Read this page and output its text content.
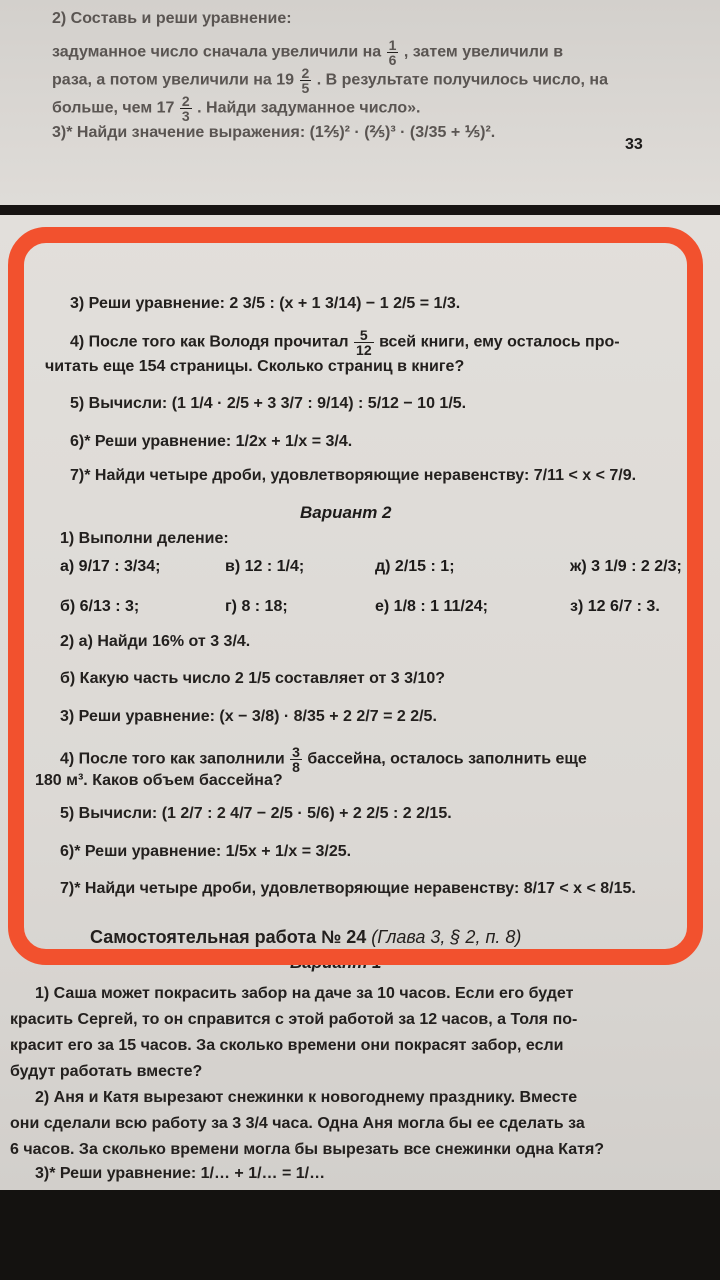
2) Составь и реши уравнение:
задуманное число сначала увеличили на $\frac{1}{6}$ , затем увеличили в
раза, а потом увеличили на $19 \frac{2}{5}$ . В результате получилось число, на
больше, чем $17 \frac{2}{3}$ . Найди задуманное число».
3)* Найди значение выражения: (1⅖)² · (⅖)³ · (3/35 + ⅕)².
33
3) Реши уравнение: 2 3/5 : (x + 1 3/14) − 1 2/5 = 1/3.
4) После того как Володя прочитал $\frac{5}{12}$ всей книги, ему осталось про-
читать еще 154 страницы. Сколько страниц в книге?
5) Вычисли: (1 1/4 · 2/5 + 3 3/7 : 9/14) : 5/12 − 10 1/5.
6)* Реши уравнение: 1/2x + 1/x = 3/4.
7)* Найди четыре дроби, удовлетворяющие неравенству: 7/11 < x < 7/9.
Вариант 2
1) Выполни деление:
а) 9/17 : 3/34;	в) 12 : 1/4;	д) 2/15 : 1;	ж) 3 1/9 : 2 2/3;
б) 6/13 : 3;	г) 8 : 18;	е) 1/8 : 1 11/24;	з) 12 6/7 : 3.
2) а) Найди 16% от 3 3/4.
б) Какую часть число 2 1/5 составляет от 3 3/10?
3) Реши уравнение: (x − 3/8) · 8/35 + 2 2/7 = 2 2/5.
4) После того как заполнили $\frac{3}{8}$ бассейна, осталось заполнить еще
180 м³. Каков объем бассейна?
5) Вычисли: (1 2/7 : 2 4/7 − 2/5 · 5/6) + 2 2/5 : 2 2/15.
6)* Реши уравнение: 1/5x + 1/x = 3/25.
7)* Найди четыре дроби, удовлетворяющие неравенству: 8/17 < x < 8/15.
Самостоятельная работа № 24 (Глава 3, § 2, п. 8)
Вариант 1
1) Саша может покрасить забор на даче за 10 часов. Если его будет
красить Сергей, то он справится с этой работой за 12 часов, а Толя по-
красит его за 15 часов. За сколько времени они покрасят забор, если
будут работать вместе?
2) Аня и Катя вырезают снежинки к новогоднему празднику. Вместе
они сделали всю работу за 3 3/4 часа. Одна Аня могла бы ее сделать за
6 часов. За сколько времени могла бы вырезать все снежинки одна Катя?
3)* Реши уравнение: 1/… + 1/… = 1/…
